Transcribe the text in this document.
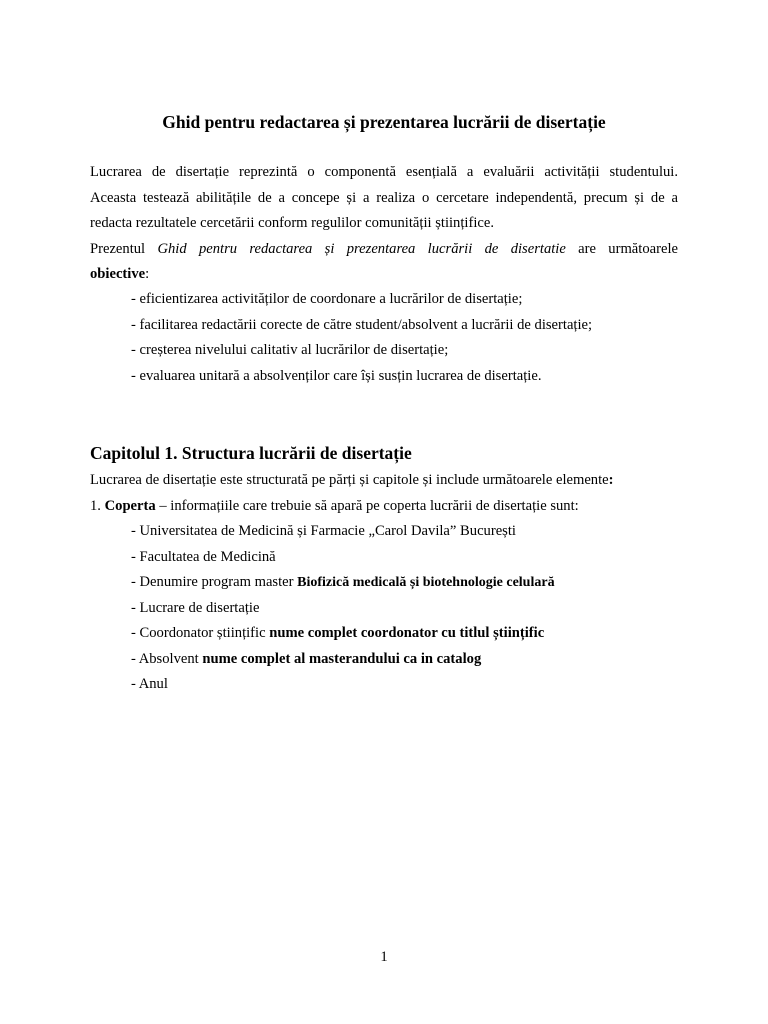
Ghid pentru redactarea și prezentarea lucrării de disertație
Lucrarea de disertație reprezintă o componentă esențială a evaluării activității studentului.
Aceasta testează abilitățile de a concepe și a realiza o cercetare independentă, precum și de a
redacta rezultatele cercetării conform regulilor comunității științifice.
Prezentul Ghid pentru redactarea și prezentarea lucrării de disertatie are următoarele
obiective:
- eficientizarea activităților de coordonare a lucrărilor de disertație;
- facilitarea redactării corecte de către student/absolvent a lucrării de disertație;
- creșterea nivelului calitativ al lucrărilor de disertație;
- evaluarea unitară a absolvenților care își susțin lucrarea de disertație.
Capitolul 1. Structura lucrării de disertație
Lucrarea de disertație este structurată pe părți și capitole și include următoarele elemente:
1. Coperta – informațiile care trebuie să apară pe coperta lucrării de disertație sunt:
- Universitatea de Medicină și Farmacie „Carol Davila” București
- Facultatea de Medicină
- Denumire program master Biofizică medicală și biotehnologie celulară
- Lucrare de disertație
- Coordonator științific nume complet coordonator cu titlul științific
- Absolvent nume complet al masterandului ca in catalog
- Anul
1
